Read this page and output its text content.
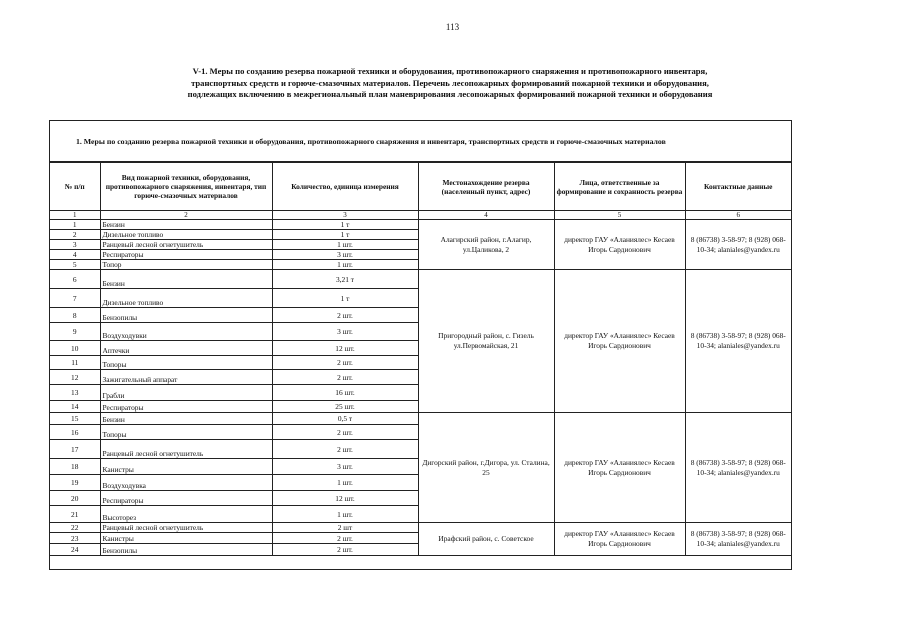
113
V-1. Меры по созданию резерва пожарной техники и оборудования, противопожарного снаряжения и противопожарного инвентаря, транспортных средств и горюче-смазочных материалов. Перечень лесопожарных формирований пожарной техники и оборудования, подлежащих включению в межрегиональный план маневрирования лесопожарных формирований пожарной техники и оборудования
1. Меры по созданию резерва пожарной техники и оборудования, противопожарного снаряжения и инвентаря, транспортных средств и горюче-смазочных материалов
№ п/п	Вид пожарной техники, оборудования, противопожарного снаряжения, инвентаря, тип горюче-смазочных материалов	Количество, единица измерения	Местонахождение резерва (населенный пункт, адрес)	Лица, ответственные за формирование и сохранность резерва	Контактные данные
1	2	3	4	5	6
1	Бензин	1 т	Алагирский район, г.Алагир, ул.Цаликова, 2	директор ГАУ «Аланиялес» Кесаев Игорь Сардионович	8 (86738) 3-58-97; 8 (928) 068-10-34; alaniales@yandex.ru
2	Дизельное топливо	1 т			
3	Ранцевый лесной огнетушитель	1 шт.			
4	Респираторы	3 шт.			
5	Топор	1 шт.			
6	Бензин	3,21 т	Пригородный район, с. Гизель ул.Первомайская, 21	директор ГАУ «Аланиялес» Кесаев Игорь Сардионович	8 (86738) 3-58-97; 8 (928) 068-10-34; alaniales@yandex.ru
7	Дизельное топливо	1 т			
8	Бензопилы	2 шт.			
9	Воздуходувки	3 шт.			
10	Аптечки	12 шт.			
11	Топоры	2 шт.			
12	Зажигательный аппарат	2 шт.			
13	Грабли	16 шт.			
14	Респираторы	25 шт.			
15	Бензин	0,5 т	Дигорский район, г.Дигора, ул. Сталина, 25	директор ГАУ «Аланиялес» Кесаев Игорь Сардионович	8 (86738) 3-58-97; 8 (928) 068-10-34; alaniales@yandex.ru
16	Топоры	2 шт.			
17	Ранцевый лесной огнетушитель	2 шт.			
18	Канистры	3 шт.			
19	Воздуходувка	1 шт.			
20	Респираторы	12 шт.			
21	Высоторез	1 шт.			
22	Ранцевый лесной огнетушитель	2 шт	Ирафский район, с. Советское	директор ГАУ «Аланиялес» Кесаев Игорь Сардионович	8 (86738) 3-58-97; 8 (928) 068-10-34; alaniales@yandex.ru
23	Канистры	2 шт.			
24	Бензопилы	2 шт.			
